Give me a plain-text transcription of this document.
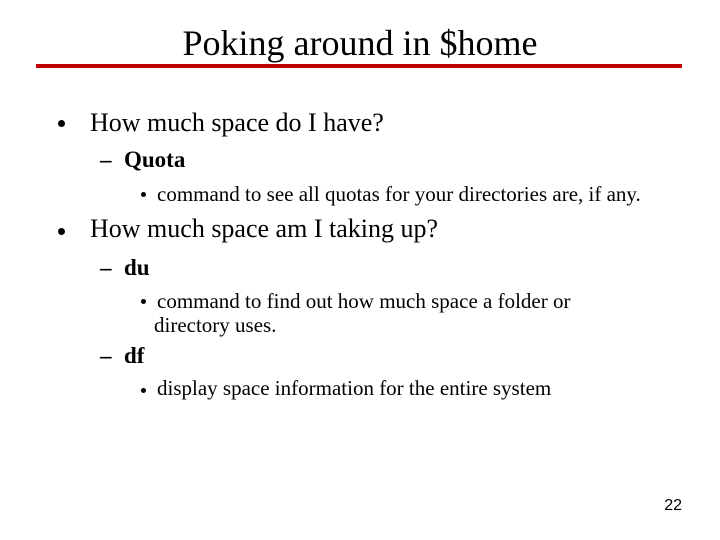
Poking around in $home
How much space do I have?
– Quota
command to see all quotas for your directories are, if any.
How much space am I taking up?
– du
command to find out how much space a folder or
directory uses.
– df
display space information for the entire system
22
